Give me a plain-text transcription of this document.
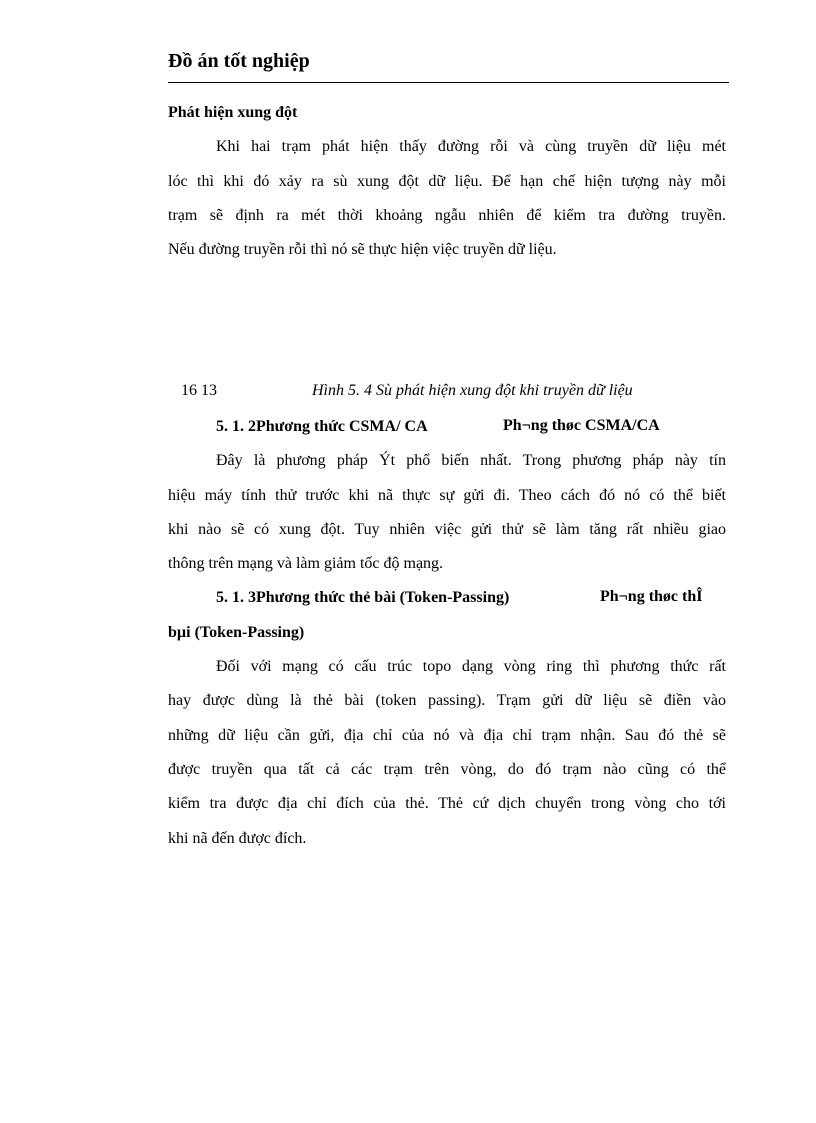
Đồ án tốt nghiệp
Phát hiện xung đột
Khi hai trạm phát hiện thấy đường rỗi và cùng truyền dữ liệu mét
lóc thì khi đó xảy ra sù xung đột dữ liệu. Để hạn chế hiện tượng này mỗi
trạm sẽ định ra mét thời khoảng ngẫu nhiên để kiểm tra đường truyền.
Nếu đường truyền rỗi thì nó sẽ thực hiện việc truyền dữ liệu.
16 13	Hình 5. 4 Sù phát hiện xung đột khi truyền dữ liệu
5. 1. 2Phương thức CSMA/ CA	Ph¬ng thøc CSMA/CA
Đây là phương pháp Ýt phổ biến nhất. Trong phương pháp này tín
hiệu máy tính thử trước khi nã thực sự gửi đi. Theo cách đó nó có thể biết
khi nào sẽ có xung đột. Tuy nhiên việc gửi thử sẽ làm tăng rất nhiều giao
thông trên mạng và làm giảm tốc độ mạng.
5. 1. 3Phương thức thẻ bài (Token-Passing)	Ph¬ng thøc thÎ
bµi (Token-Passing)
Đối với mạng có cấu trúc topo dạng vòng ring thì phương thức rất
hay được dùng là thẻ bài (token passing). Trạm gửi dữ liệu sẽ điền vào
những dữ liệu cần gửi, địa chỉ của nó và địa chỉ trạm nhận. Sau đó thẻ sẽ
được truyền qua tất cả các trạm trên vòng, do đó trạm nào cũng có thể
kiểm tra được địa chỉ đích của thẻ. Thẻ cứ dịch chuyển trong vòng cho tới
khi nã đến được đích.
